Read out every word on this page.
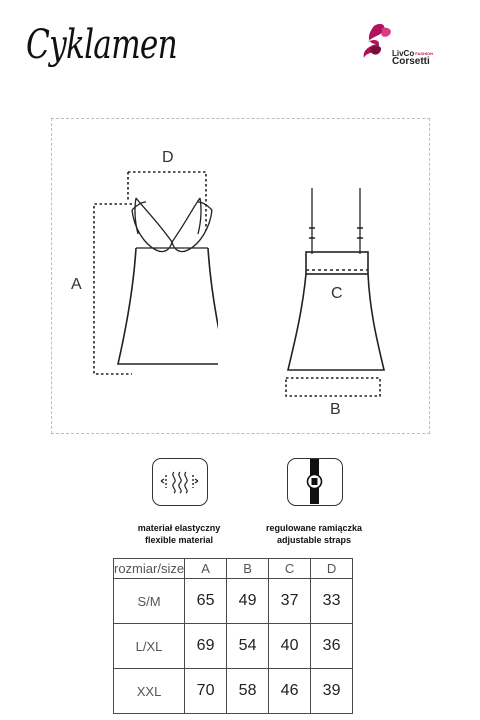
Cyklamen	LivCo$^{FASHION}$
Corsetti
D
A
C
B
materiał elastyczny
flexible material
regulowane ramiączka
adjustable straps
rozmiar/size	A	B	C	D
S/M	65	49	37	33
L/XL	69	54	40	36
XXL	70	58	46	39
